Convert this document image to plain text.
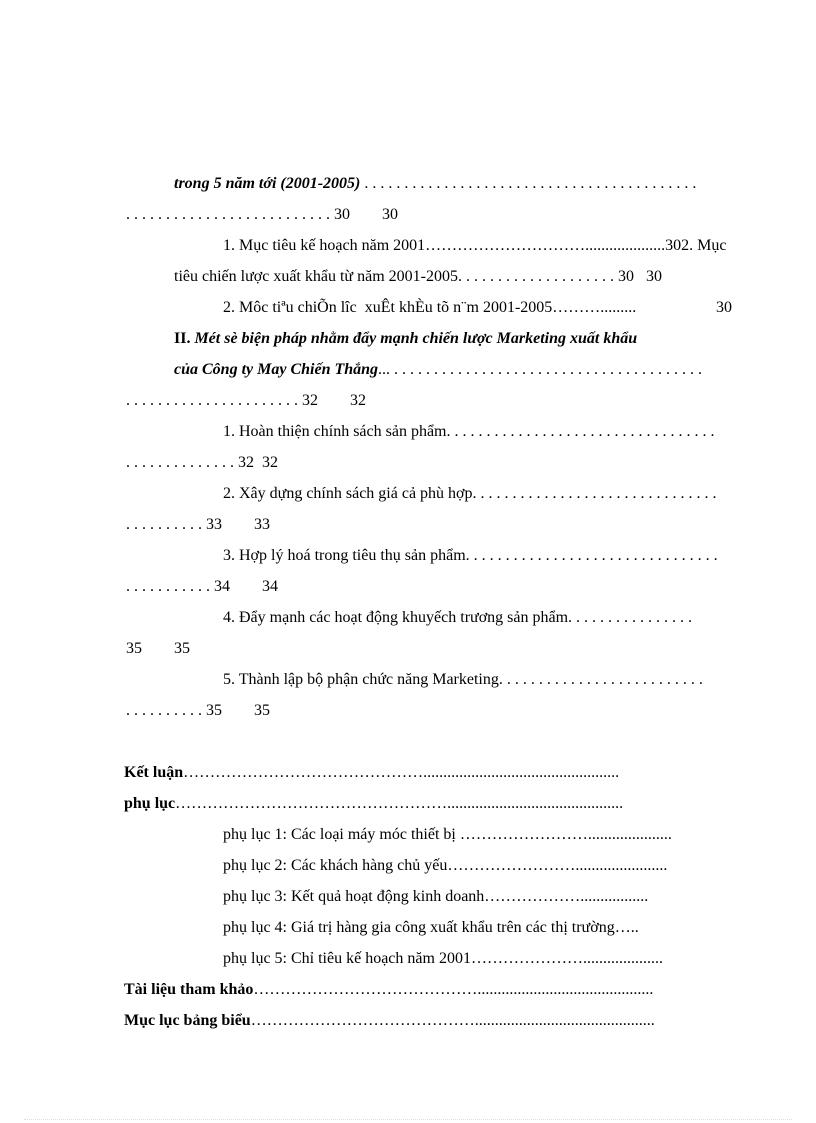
trong 5 năm tới (2001-2005) . . . . . . . . . . . . . . . . . . . . . . . . . . . . . . . . . . . . . . . . . .

. . . . . . . . . . . . . . . . . . . . . . . . . . 30        30

1. Mục tiêu kế hoạch năm 2001…………………………....................302. Mục

tiêu chiến lược xuất khẩu từ năm 2001-2005. . . . . . . . . . . . . . . . . . . . 30   30

2. Môc tiªu chiÕn lîc  xuÊt khÈu tõ n¨m 2001-2005……….........
	30

II. Mét sè biện pháp nhằm đẩy mạnh chiến lược Marketing xuất khẩu

của Công ty May Chiến Thắng... . . . . . . . . . . . . . . . . . . . . . . . . . . . . . . . . . . . . . . .

. . . . . . . . . . . . . . . . . . . . . . 32        32

1. Hoàn thiện chính sách sản phẩm. . . . . . . . . . . . . . . . . . . . . . . . . . . . . . . . . .

. . . . . . . . . . . . . . 32  32

2. Xây dựng chính sách giá cả phù hợp. . . . . . . . . . . . . . . . . . . . . . . . . . . . . . .

. . . . . . . . . . 33        33

3. Hợp lý hoá trong tiêu thụ sản phẩm. . . . . . . . . . . . . . . . . . . . . . . . . . . . . . . .

. . . . . . . . . . . 34        34

4. Đẩy mạnh các hoạt động khuyếch trương sản phẩm. . . . . . . . . . . . . . . .

35        35

5. Thành lập bộ phận chức năng Marketing. . . . . . . . . . . . . . . . . . . . . . . . . .

. . . . . . . . . . 35        35

Kết luận……………………………………….................................................

phụ lục……………………………………………............................................

phụ lục 1: Các loại máy móc thiết bị …………………….....................

phụ lục 2: Các khách hàng chủ yếu…………………….......................

phụ lục 3: Kết quả hoạt động kinh doanh……………….................

phụ lục 4: Giá trị hàng gia công xuất khẩu trên các thị trường…..

phụ lục 5: Chỉ tiêu kế hoạch năm 2001…………………....................

Tài liệu tham khảo……………………………………............................................

Mục lục bảng biểu…………………………………….............................................
